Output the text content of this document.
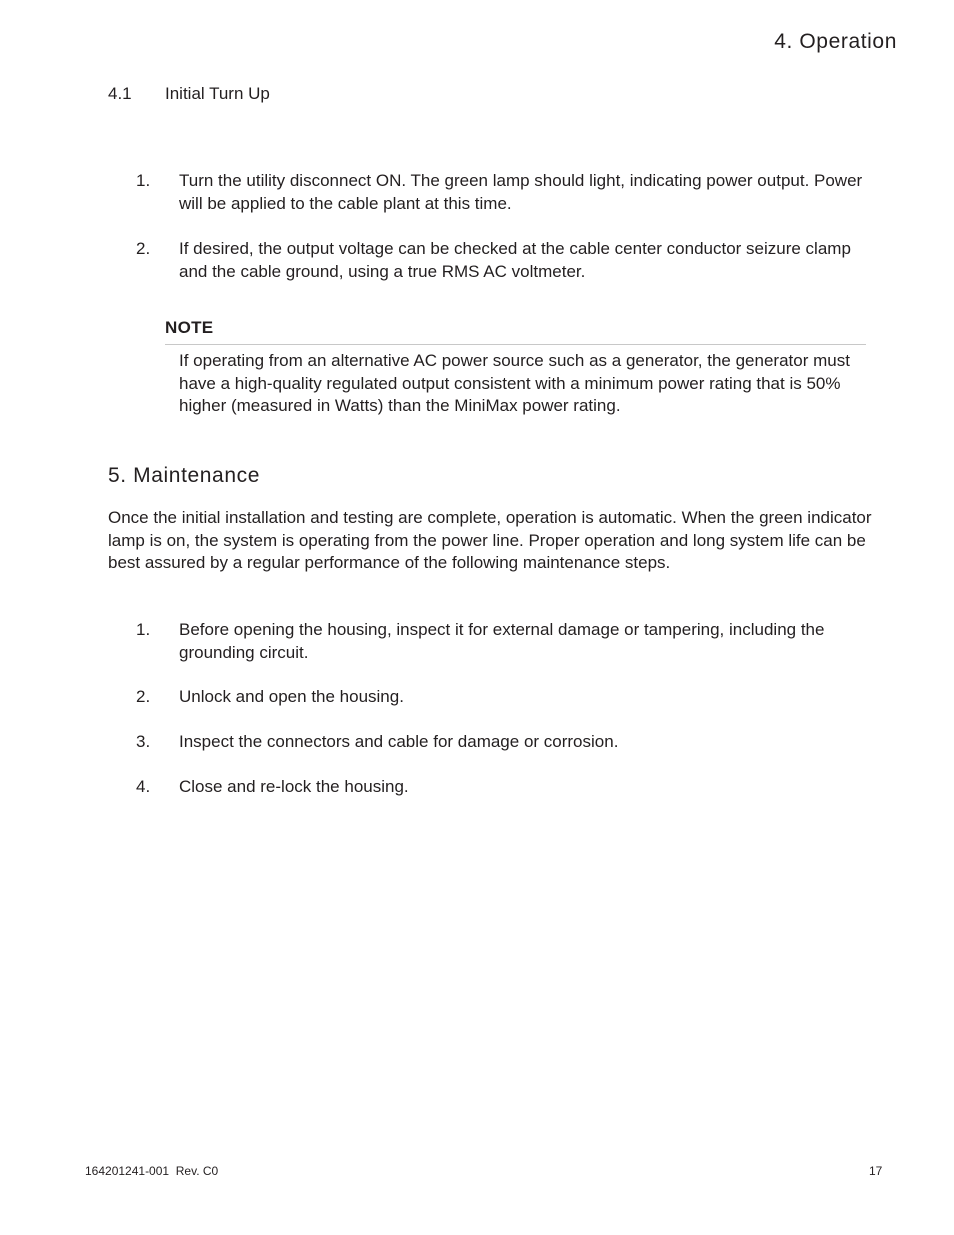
4. Operation
4.1 Initial Turn Up
1. Turn the utility disconnect ON. The green lamp should light, indicating power output. Power will be applied to the cable plant at this time.
2. If desired, the output voltage can be checked at the cable center conductor seizure clamp and the cable ground, using a true RMS AC voltmeter.
NOTE
If operating from an alternative AC power source such as a generator, the generator must have a high-quality regulated output consistent with a minimum power rating that is 50% higher (measured in Watts) than the MiniMax power rating.
5. Maintenance
Once the initial installation and testing are complete, operation is automatic. When the green indicator lamp is on, the system is operating from the power line. Proper operation and long system life can be best assured by a regular performance of the following maintenance steps.
1. Before opening the housing, inspect it for external damage or tampering, including the grounding circuit.
2. Unlock and open the housing.
3. Inspect the connectors and cable for damage or corrosion.
4. Close and re-lock the housing.
164201241-001  Rev. C0	17
